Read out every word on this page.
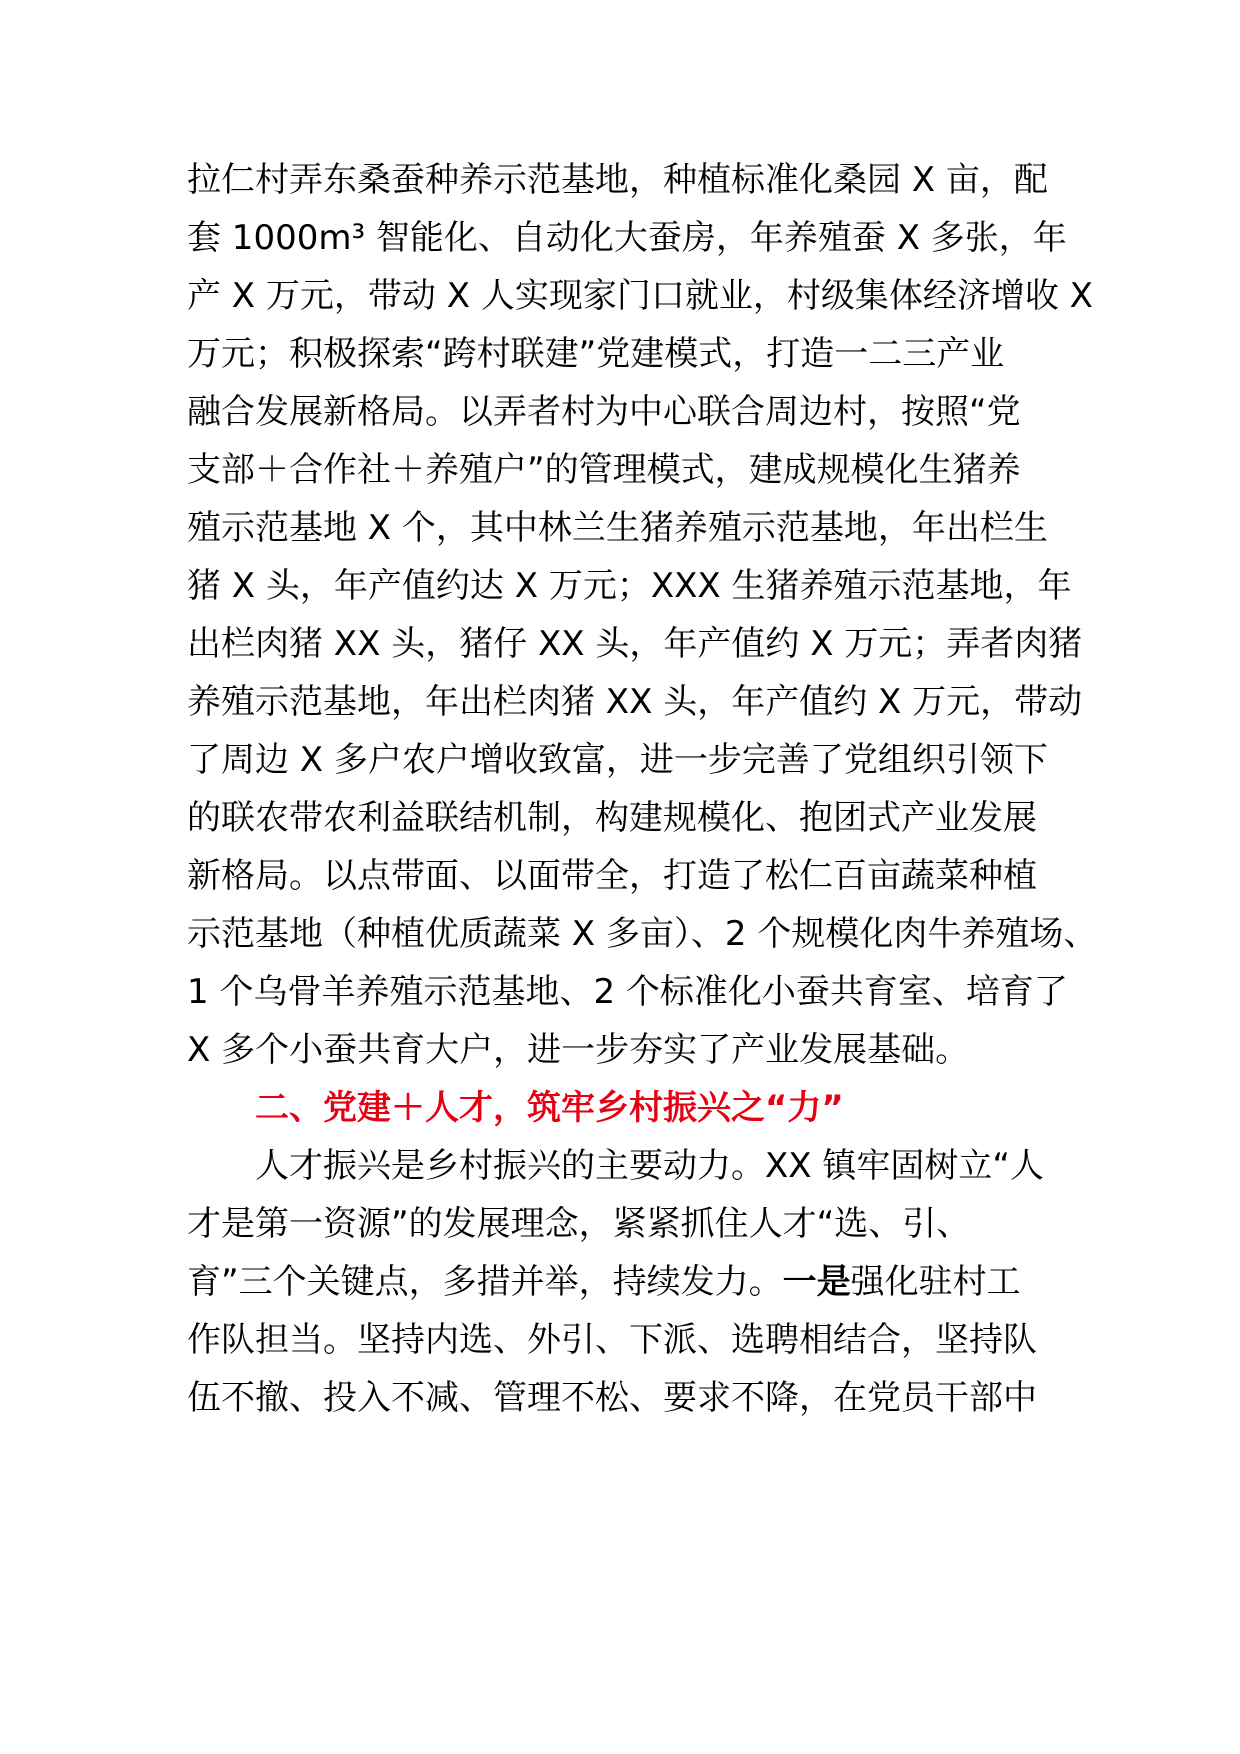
拉仁村弄东桑蚕种养示范基地，种植标准化桑园 X 亩，配
套 1000m³ 智能化、自动化大蚕房，年养殖蚕 X 多张，年
产 X 万元，带动 X 人实现家门口就业，村级集体经济增收 X
万元；积极探索“跨村联建”党建模式，打造一二三产业
融合发展新格局。以弄者村为中心联合周边村，按照“党
支部＋合作社＋养殖户”的管理模式，建成规模化生猪养
殖示范基地 X 个，其中林兰生猪养殖示范基地，年出栏生
猪 X 头，年产值约达 X 万元；XXX 生猪养殖示范基地，年
出栏肉猪 XX 头，猪仔 XX 头，年产值约 X 万元；弄者肉猪
养殖示范基地，年出栏肉猪 XX 头，年产值约 X 万元，带动
了周边 X 多户农户增收致富，进一步完善了党组织引领下
的联农带农利益联结机制，构建规模化、抱团式产业发展
新格局。以点带面、以面带全，打造了松仁百亩蔬菜种植
示范基地（种植优质蔬菜 X 多亩）、2 个规模化肉牛养殖场、
1 个乌骨羊养殖示范基地、2 个标准化小蚕共育室、培育了
X 多个小蚕共育大户，进一步夯实了产业发展基础。
二、党建＋人才，筑牢乡村振兴之“力”
人才振兴是乡村振兴的主要动力。XX 镇牢固树立“人
才是第一资源”的发展理念，紧紧抓住人才“选、引、
育”三个关键点，多措并举，持续发力。一是强化驻村工
作队担当。坚持内选、外引、下派、选聘相结合，坚持队
伍不撤、投入不减、管理不松、要求不降，在党员干部中
